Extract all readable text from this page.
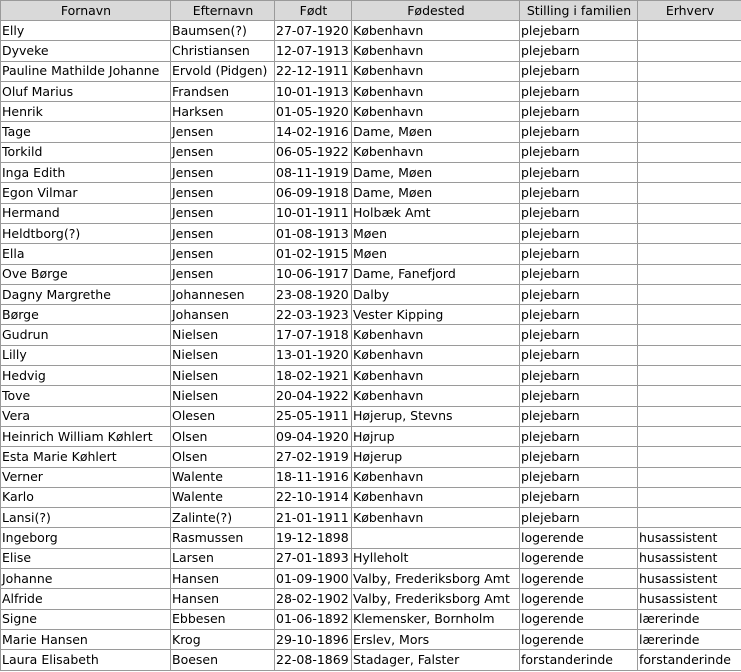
Fornavn	Efternavn	Født	Fødested	Stilling i familien	Erhverv
Elly	Baumsen(?)	27-07-1920	København	plejebarn	
Dyveke	Christiansen	12-07-1913	København	plejebarn	
Pauline Mathilde Johanne	Ervold (Pidgen)	22-12-1911	København	plejebarn	
Oluf Marius	Frandsen	10-01-1913	København	plejebarn	
Henrik	Harksen	01-05-1920	København	plejebarn	
Tage	Jensen	14-02-1916	Dame, Møen	plejebarn	
Torkild	Jensen	06-05-1922	København	plejebarn	
Inga Edith	Jensen	08-11-1919	Dame, Møen	plejebarn	
Egon Vilmar	Jensen	06-09-1918	Dame, Møen	plejebarn	
Hermand	Jensen	10-01-1911	Holbæk Amt	plejebarn	
Heldtborg(?)	Jensen	01-08-1913	Møen	plejebarn	
Ella	Jensen	01-02-1915	Møen	plejebarn	
Ove Børge	Jensen	10-06-1917	Dame, Fanefjord	plejebarn	
Dagny Margrethe	Johannesen	23-08-1920	Dalby	plejebarn	
Børge	Johansen	22-03-1923	Vester Kipping	plejebarn	
Gudrun	Nielsen	17-07-1918	København	plejebarn	
Lilly	Nielsen	13-01-1920	København	plejebarn	
Hedvig	Nielsen	18-02-1921	København	plejebarn	
Tove	Nielsen	20-04-1922	København	plejebarn	
Vera	Olesen	25-05-1911	Højerup, Stevns	plejebarn	
Heinrich William Køhlert	Olsen	09-04-1920	Højrup	plejebarn	
Esta Marie Køhlert	Olsen	27-02-1919	Højerup	plejebarn	
Verner	Walente	18-11-1916	København	plejebarn	
Karlo	Walente	22-10-1914	København	plejebarn	
Lansi(?)	Zalinte(?)	21-01-1911	København	plejebarn	
Ingeborg	Rasmussen	19-12-1898		logerende	husassistent
Elise	Larsen	27-01-1893	Hylleholt	logerende	husassistent
Johanne	Hansen	01-09-1900	Valby, Frederiksborg Amt	logerende	husassistent
Alfride	Hansen	28-02-1902	Valby, Frederiksborg Amt	logerende	husassistent
Signe	Ebbesen	01-06-1892	Klemensker, Bornholm	logerende	lærerinde
Marie Hansen	Krog	29-10-1896	Erslev, Mors	logerende	lærerinde
Laura Elisabeth	Boesen	22-08-1869	Stadager, Falster	forstanderinde	forstanderinde
